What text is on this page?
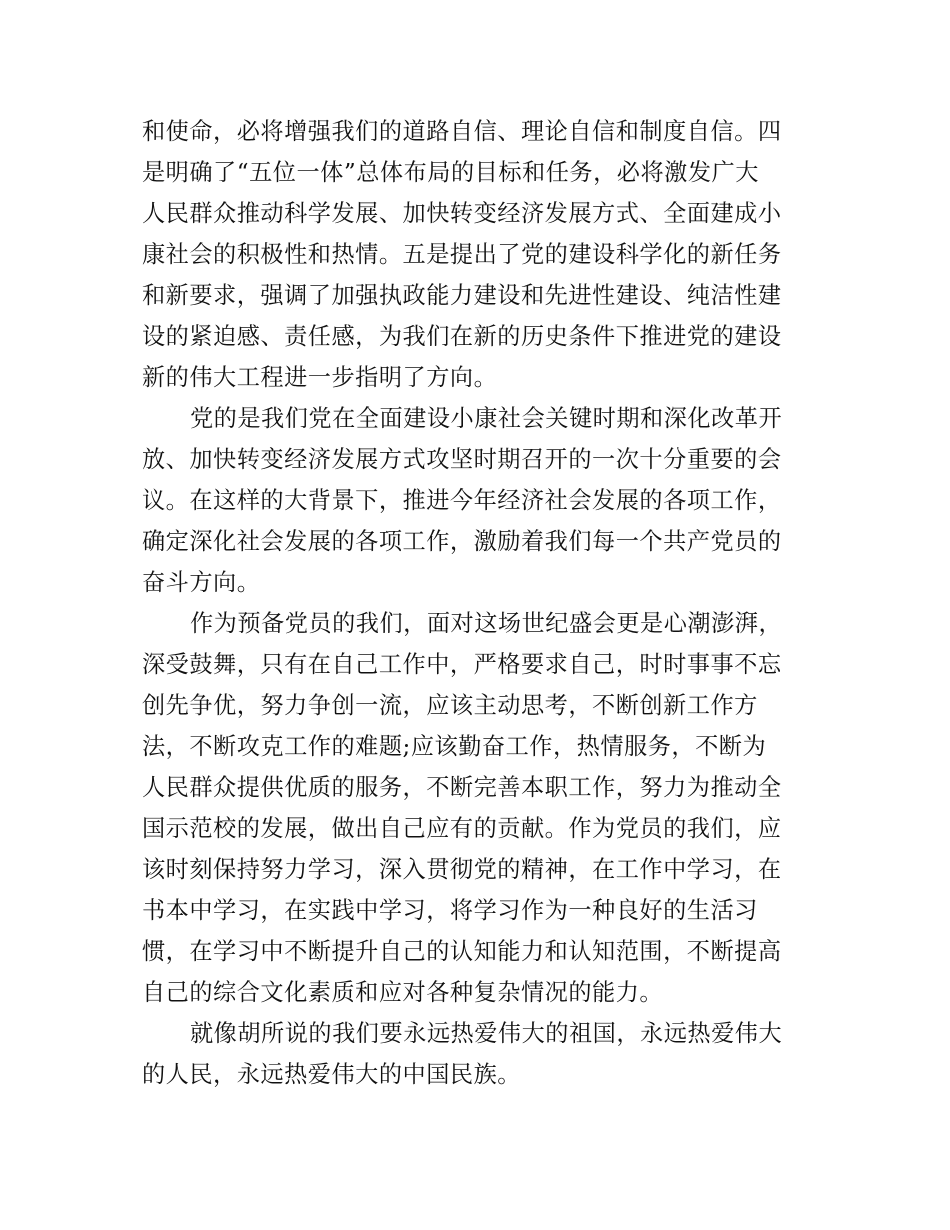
和使命，必将增强我们的道路自信、理论自信和制度自信。四
是明确了“五位一体”总体布局的目标和任务，必将激发广大
人民群众推动科学发展、加快转变经济发展方式、全面建成小
康社会的积极性和热情。五是提出了党的建设科学化的新任务
和新要求，强调了加强执政能力建设和先进性建设、纯洁性建
设的紧迫感、责任感，为我们在新的历史条件下推进党的建设
新的伟大工程进一步指明了方向。
党的是我们党在全面建设小康社会关键时期和深化改革开
放、加快转变经济发展方式攻坚时期召开的一次十分重要的会
议。在这样的大背景下，推进今年经济社会发展的各项工作，
确定深化社会发展的各项工作，激励着我们每一个共产党员的
奋斗方向。
作为预备党员的我们，面对这场世纪盛会更是心潮澎湃，
深受鼓舞，只有在自己工作中，严格要求自己，时时事事不忘
创先争优，努力争创一流，应该主动思考，不断创新工作方
法，不断攻克工作的难题;应该勤奋工作，热情服务，不断为
人民群众提供优质的服务，不断完善本职工作，努力为推动全
国示范校的发展，做出自己应有的贡献。作为党员的我们，应
该时刻保持努力学习，深入贯彻党的精神，在工作中学习，在
书本中学习，在实践中学习，将学习作为一种良好的生活习
惯，在学习中不断提升自己的认知能力和认知范围，不断提高
自己的综合文化素质和应对各种复杂情况的能力。
就像胡所说的我们要永远热爱伟大的祖国，永远热爱伟大
的人民，永远热爱伟大的中国民族。
